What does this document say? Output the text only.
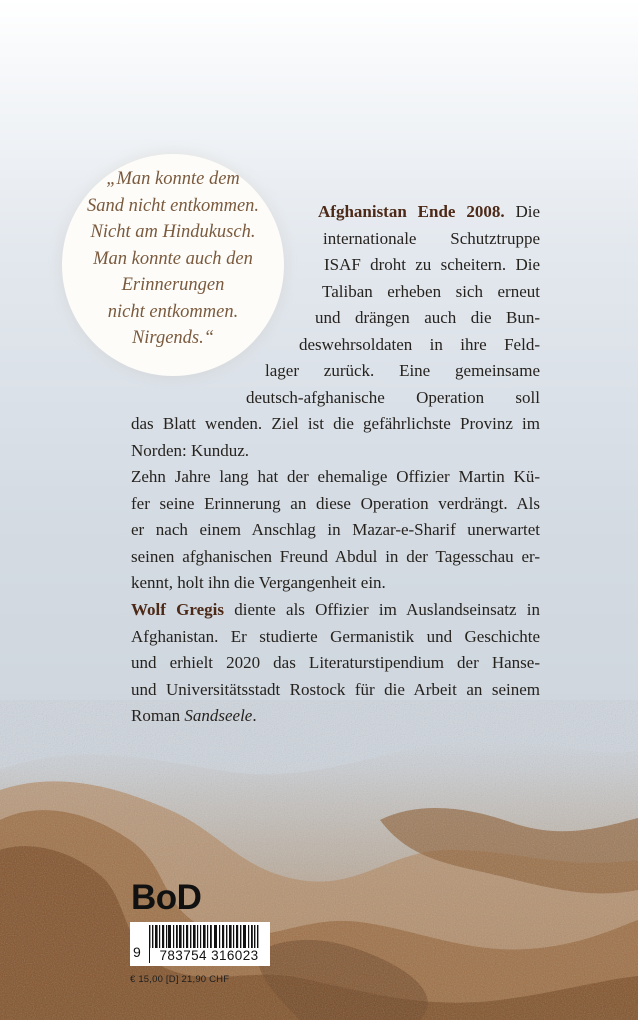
„Man konnte dem
Sand nicht entkommen.
Nicht am Hindukusch.
Man konnte auch den
Erinnerungen
nicht entkommen.
Nirgends.“

Afghanistan Ende 2008. Die

internationale Schutztruppe

ISAF droht zu scheitern. Die

Taliban erheben sich erneut

und drängen auch die Bun-

deswehrsoldaten in ihre Feld-

lager zurück. Eine gemeinsame

deutsch-afghanische Operation soll

das Blatt wenden. Ziel ist die gefährlichste Provinz im
Norden: Kunduz.
Zehn Jahre lang hat der ehemalige Offizier Martin Kü-
fer seine Erinnerung an diese Operation verdrängt. Als
er nach einem Anschlag in Mazar-e-Sharif unerwartet
seinen afghanischen Freund Abdul in der Tagesschau er-
kennt, holt ihn die Vergangenheit ein.

Wolf Gregis diente als Offizier im Auslandseinsatz in
Afghanistan. Er studierte Germanistik und Geschichte
und erhielt 2020 das Literaturstipendium der Hanse-
und Universitätsstadt Rostock für die Arbeit an seinem
Roman Sandseele.

BoD

9	783754 316023

€ 15,00 [D] 21,90 CHF
